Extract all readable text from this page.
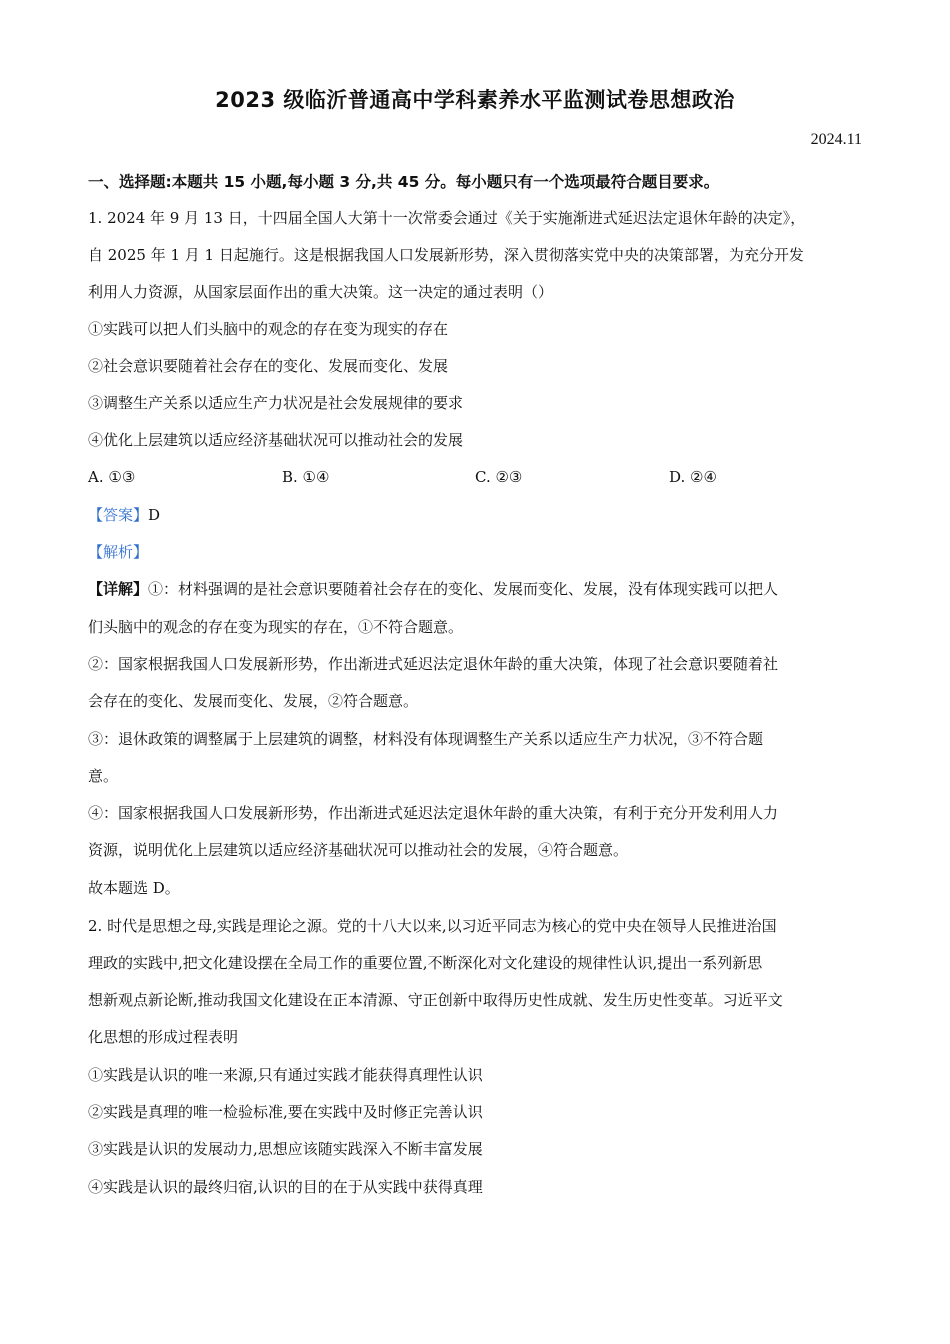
2023 级临沂普通高中学科素养水平监测试卷思想政治
2024.11
一、选择题:本题共 15 小题,每小题 3 分,共 45 分。每小题只有一个选项最符合题目要求。
1. 2024 年 9 月 13 日，十四届全国人大第十一次常委会通过《关于实施渐进式延迟法定退休年龄的决定》，
自 2025 年 1 月 1 日起施行。这是根据我国人口发展新形势，深入贯彻落实党中央的决策部署，为充分开发
利用人力资源，从国家层面作出的重大决策。这一决定的通过表明（）
①实践可以把人们头脑中的观念的存在变为现实的存在
②社会意识要随着社会存在的变化、发展而变化、发展
③调整生产关系以适应生产力状况是社会发展规律的要求
④优化上层建筑以适应经济基础状况可以推动社会的发展
A. ①③	B. ①④	C. ②③	D. ②④
【答案】D
【解析】
【详解】①：材料强调的是社会意识要随着社会存在的变化、发展而变化、发展，没有体现实践可以把人
们头脑中的观念的存在变为现实的存在，①不符合题意。
②：国家根据我国人口发展新形势，作出渐进式延迟法定退休年龄的重大决策，体现了社会意识要随着社
会存在的变化、发展而变化、发展，②符合题意。
③：退休政策的调整属于上层建筑的调整，材料没有体现调整生产关系以适应生产力状况，③不符合题
意。
④：国家根据我国人口发展新形势，作出渐进式延迟法定退休年龄的重大决策，有利于充分开发利用人力
资源，说明优化上层建筑以适应经济基础状况可以推动社会的发展，④符合题意。
故本题选 D。
2. 时代是思想之母,实践是理论之源。党的十八大以来,以习近平同志为核心的党中央在领导人民推进治国
理政的实践中,把文化建设摆在全局工作的重要位置,不断深化对文化建设的规律性认识,提出一系列新思
想新观点新论断,推动我国文化建设在正本清源、守正创新中取得历史性成就、发生历史性变革。习近平文
化思想的形成过程表明
①实践是认识的唯一来源,只有通过实践才能获得真理性认识
②实践是真理的唯一检验标准,要在实践中及时修正完善认识
③实践是认识的发展动力,思想应该随实践深入不断丰富发展
④实践是认识的最终归宿,认识的目的在于从实践中获得真理
